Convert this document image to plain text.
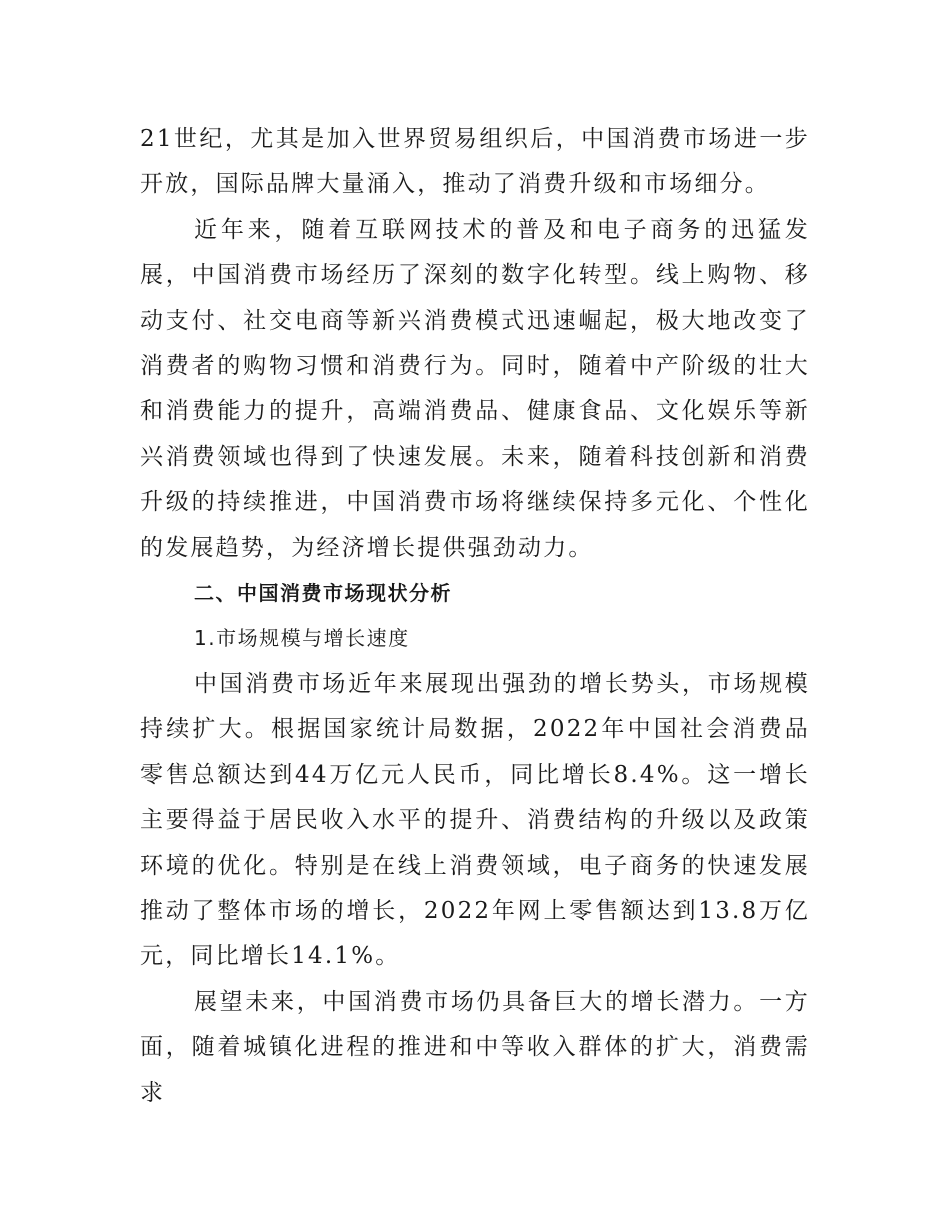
21世纪，尤其是加入世界贸易组织后，中国消费市场进一步开放，国际品牌大量涌入，推动了消费升级和市场细分。

近年来，随着互联网技术的普及和电子商务的迅猛发展，中国消费市场经历了深刻的数字化转型。线上购物、移动支付、社交电商等新兴消费模式迅速崛起，极大地改变了消费者的购物习惯和消费行为。同时，随着中产阶级的壮大和消费能力的提升，高端消费品、健康食品、文化娱乐等新兴消费领域也得到了快速发展。未来，随着科技创新和消费升级的持续推进，中国消费市场将继续保持多元化、个性化的发展趋势，为经济增长提供强劲动力。

二、中国消费市场现状分析

1.市场规模与增长速度

中国消费市场近年来展现出强劲的增长势头，市场规模持续扩大。根据国家统计局数据，2022年中国社会消费品零售总额达到44万亿元人民币，同比增长8.4%。这一增长主要得益于居民收入水平的提升、消费结构的升级以及政策环境的优化。特别是在线上消费领域，电子商务的快速发展推动了整体市场的增长，2022年网上零售额达到13.8万亿元，同比增长14.1%。

展望未来，中国消费市场仍具备巨大的增长潜力。一方面，随着城镇化进程的推进和中等收入群体的扩大，消费需求
